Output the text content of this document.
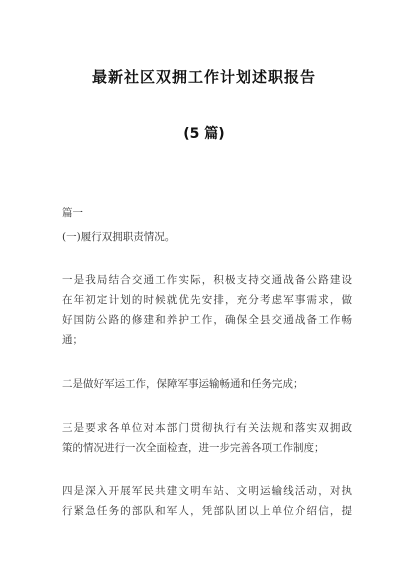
最新社区双拥工作计划述职报告
(5 篇)
篇一
(一)履行双拥职责情况。
一是我局结合交通工作实际，积极支持交通战备公路建设
在年初定计划的时候就优先安排，充分考虑军事需求，做
好国防公路的修建和养护工作，确保全县交通战备工作畅
通；
二是做好军运工作，保障军事运输畅通和任务完成；
三是要求各单位对本部门贯彻执行有关法规和落实双拥政
策的情况进行一次全面检查，进一步完善各项工作制度；
四是深入开展军民共建文明车站、文明运输线活动，对执
行紧急任务的部队和军人，凭部队团以上单位介绍信，提
